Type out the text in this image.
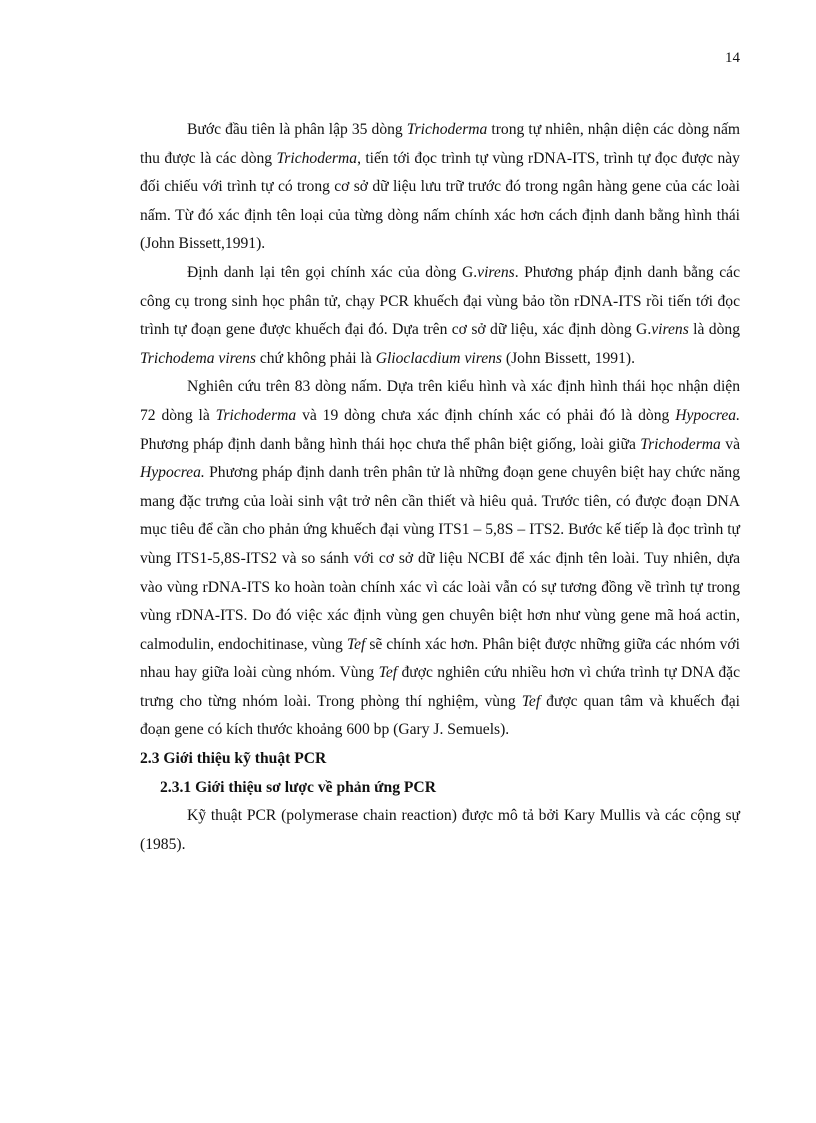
14

Bước đầu tiên là phân lập 35 dòng Trichoderma trong tự nhiên, nhận diện các dòng nấm thu được là các dòng Trichoderma, tiến tới đọc trình tự vùng rDNA-ITS, trình tự đọc được này đối chiếu với trình tự có trong cơ sở dữ liệu lưu trữ trước đó trong ngân hàng gene của các loài nấm. Từ đó xác định tên loại của từng dòng nấm chính xác hơn cách định danh bằng hình thái (John Bissett,1991).

Định danh lại tên gọi chính xác của dòng G.virens. Phương pháp định danh bằng các công cụ trong sinh học phân tử, chạy PCR khuếch đại vùng bảo tồn rDNA-ITS rồi tiến tới đọc trình tự đoạn gene được khuếch đại đó. Dựa trên cơ sở dữ liệu, xác định dòng G.virens là dòng Trichodema virens chứ không phải là Glioclacdium virens (John Bissett, 1991).

Nghiên cứu trên 83 dòng nấm. Dựa trên kiểu hình và xác định hình thái học nhận diện 72 dòng là Trichoderma và 19 dòng chưa xác định chính xác có phải đó là dòng Hypocrea. Phương pháp định danh bằng hình thái học chưa thể phân biệt giống, loài giữa Trichoderma và Hypocrea. Phương pháp định danh trên phân tử là những đoạn gene chuyên biệt hay chức năng mang đặc trưng của loài sinh vật trở nên cần thiết và hiêu quả. Trước tiên, có được đoạn DNA mục tiêu để cần cho phản ứng khuếch đại vùng ITS1 – 5,8S – ITS2. Bước kế tiếp là đọc trình tự vùng ITS1-5,8S-ITS2 và so sánh với cơ sở dữ liệu NCBI để xác định tên loài. Tuy nhiên, dựa vào vùng rDNA-ITS ko hoàn toàn chính xác vì các loài vẫn có sự tương đồng về trình tự trong vùng rDNA-ITS. Do đó việc xác định vùng gen chuyên biệt hơn như vùng gene mã hoá actin, calmodulin, endochitinase, vùng Tef sẽ chính xác hơn. Phân biệt được những giữa các nhóm với nhau hay giữa loài cùng nhóm. Vùng Tef được nghiên cứu nhiều hơn vì chứa trình tự DNA đặc trưng cho từng nhóm loài. Trong phòng thí nghiệm, vùng Tef được quan tâm và khuếch đại đoạn gene có kích thước khoảng 600 bp (Gary J. Semuels).

2.3 Giới thiệu kỹ thuật PCR

2.3.1 Giới thiệu sơ lược về phản ứng PCR

Kỹ thuật PCR (polymerase chain reaction) được mô tả bởi Kary Mullis và các cộng sự (1985).
